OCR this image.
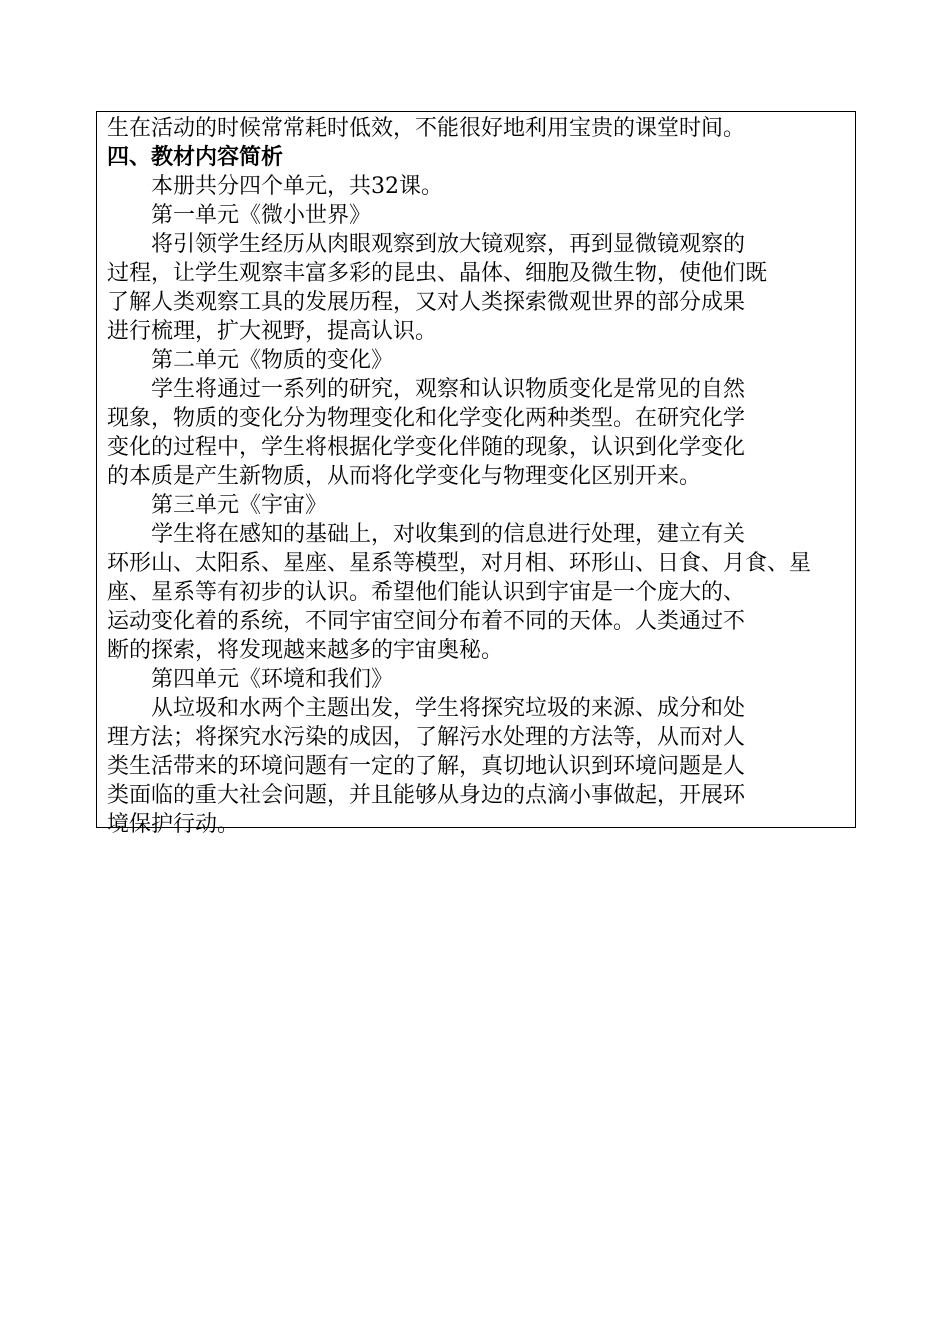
生在活动的时候常常耗时低效，不能很好地利用宝贵的课堂时间。
四、教材内容简析
本册共分四个单元，共32课。
第一单元《微小世界》
将引领学生经历从肉眼观察到放大镜观察，再到显微镜观察的
过程，让学生观察丰富多彩的昆虫、晶体、细胞及微生物，使他们既
了解人类观察工具的发展历程，又对人类探索微观世界的部分成果
进行梳理，扩大视野，提高认识。
第二单元《物质的变化》
学生将通过一系列的研究，观察和认识物质变化是常见的自然
现象，物质的变化分为物理变化和化学变化两种类型。在研究化学
变化的过程中，学生将根据化学变化伴随的现象，认识到化学变化
的本质是产生新物质，从而将化学变化与物理变化区别开来。
第三单元《宇宙》
学生将在感知的基础上，对收集到的信息进行处理，建立有关
环形山、太阳系、星座、星系等模型，对月相、环形山、日食、月食、星
座、星系等有初步的认识。希望他们能认识到宇宙是一个庞大的、
运动变化着的系统，不同宇宙空间分布着不同的天体。人类通过不
断的探索，将发现越来越多的宇宙奥秘。
第四单元《环境和我们》
从垃圾和水两个主题出发，学生将探究垃圾的来源、成分和处
理方法；将探究水污染的成因，了解污水处理的方法等，从而对人
类生活带来的环境问题有一定的了解，真切地认识到环境问题是人
类面临的重大社会问题，并且能够从身边的点滴小事做起，开展环
境保护行动。
